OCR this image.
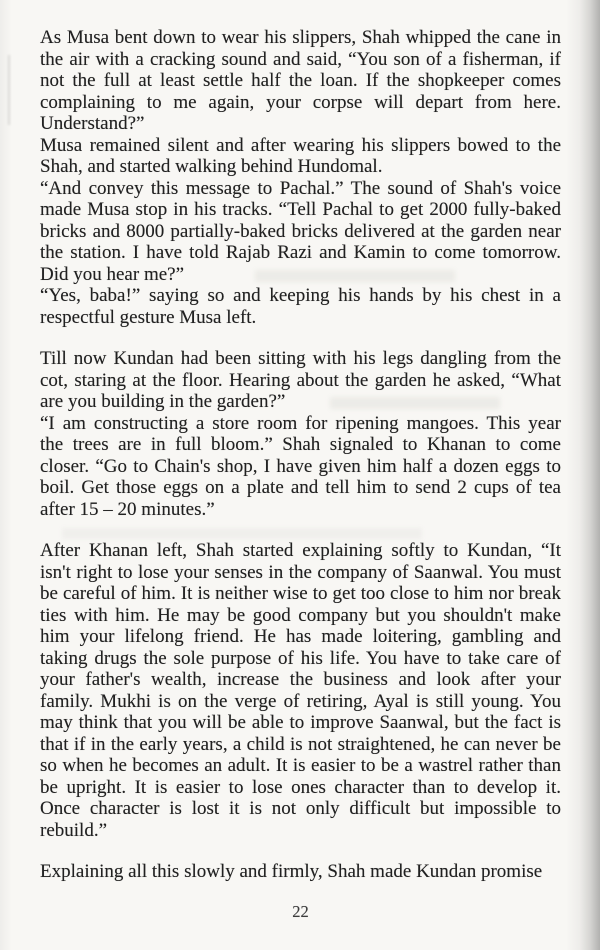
As Musa bent down to wear his slippers, Shah whipped the cane in
the air with a cracking sound and said, “You son of a fisherman, if
not the full at least settle half the loan. If the shopkeeper comes
complaining to me again, your corpse will depart from here.
Understand?”
Musa remained silent and after wearing his slippers bowed to the
Shah, and started walking behind Hundomal.
“And convey this message to Pachal.” The sound of Shah's voice
made Musa stop in his tracks. “Tell Pachal to get 2000 fully-baked
bricks and 8000 partially-baked bricks delivered at the garden near
the station. I have told Rajab Razi and Kamin to come tomorrow.
Did you hear me?”
“Yes, baba!” saying so and keeping his hands by his chest in a
respectful gesture Musa left.
Till now Kundan had been sitting with his legs dangling from the
cot, staring at the floor. Hearing about the garden he asked, “What
are you building in the garden?”
“I am constructing a store room for ripening mangoes. This year
the trees are in full bloom.” Shah signaled to Khanan to come
closer. “Go to Chain's shop, I have given him half a dozen eggs to
boil. Get those eggs on a plate and tell him to send 2 cups of tea
after 15 – 20 minutes.”
After Khanan left, Shah started explaining softly to Kundan, “It
isn't right to lose your senses in the company of Saanwal. You must
be careful of him. It is neither wise to get too close to him nor break
ties with him. He may be good company but you shouldn't make
him your lifelong friend. He has made loitering, gambling and
taking drugs the sole purpose of his life. You have to take care of
your father's wealth, increase the business and look after your
family. Mukhi is on the verge of retiring, Ayal is still young. You
may think that you will be able to improve Saanwal, but the fact is
that if in the early years, a child is not straightened, he can never be
so when he becomes an adult. It is easier to be a wastrel rather than
be upright. It is easier to lose ones character than to develop it.
Once character is lost it is not only difficult but impossible to
rebuild.”
Explaining all this slowly and firmly, Shah made Kundan promise
22
